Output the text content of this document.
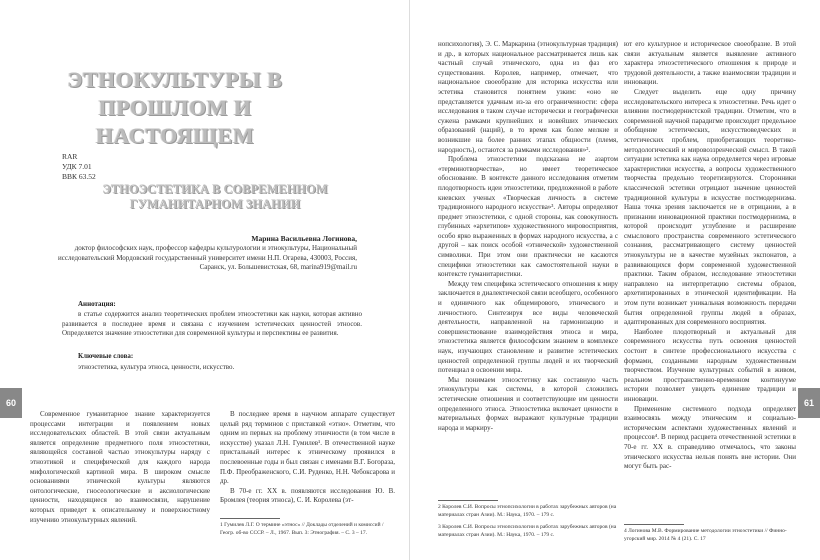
ЭТНОКУЛЬТУРЫ В ПРОШЛОМ И НАСТОЯЩЕМ
RAR
УДК 7.01
ВВК 63.52
ЭТНОЭСТЕТИКА В СОВРЕМЕННОМ ГУМАНИТАРНОМ ЗНАНИИ
Марина Васильевна Логинова,
доктор философских наук, профессор кафедры культурологии и этнокультуры, Национальный исследовательский Мордовский государственный университет имени Н.П. Огарева, 430003, Россия, Саранск, ул. Большевистская, 68, marina919@mail.ru
Аннотация:
в статье содержится анализ теоретических проблем этноэстетики как науки, которая активно развивается в последнее время и связана с изучением эстетических ценностей этносов. Определяется значение этноэстетики для современной культуры и перспективы ее развития.
Ключевые слова:
этноэстетика, культура этноса, ценности, искусство.

Современное гуманитарное знание характеризуется процессами интеграции и появлением новых исследовательских областей. В этой связи актуальным является определение предметного поля этноэстетики, являющейся составной частью этнокультуры наряду с этноэтикой и специфической для каждого народа мифологической картиной мира. В широком смысле основаниями этнической культуры являются онтологические, гносеологические и аксиологические ценности, находящиеся во взаимосвязи, нарушение которых приведет к описательному и поверхностному изучению этнокультурных явлений.

В последнее время в научном аппарате существует целый ряд терминов с приставкой «этно». Отметим, что одним из первых на проблему этничности (в том числе в искусстве) указал Л.Н. Гумилев¹. В отечественной науке пристальный интерес к этническому проявился в послевоенные годы и был связан с именами В.Г. Богораза, П.Ф. Преображенского, С.И. Руденко, Н.Н. Чебоксарова и др.

В 70-е гг. XX в. появляются исследования Ю. В. Бромлея (теория этноса), С. И. Королева (эт-

1 Гумилев Л.Г. О термине «этнос» // Доклады отделений и комиссий / Геогр. об-во СССР. – Л., 1967. Вып. 3: Этнография. – С. 3 – 17.
60

нопсихология), Э. С. Маркарина (этнокультурная традиция) и др., в которых национальное рассматривается лишь как частный случай этнического, одна из фаз его существования. Королев, например, отмечает, что национальное своеобразие для историка искусства или эстетика становится понятием узким: «оно не представляется удачным из-за его ограниченности: сфера исследования в таком случае исторически и географически сужена рамками крупнейших и новейших этнических образований (наций), в то время как более мелкие и возникшие на более ранних этапах общности (племя, народность), остаются за рамками исследования»².

Проблема этноэстетики подсказана не азартом «терминотворчества», но имеет теоретическое обоснование. В контексте данного исследования отметим плодотворность идеи этноэстетики, предложенной в работе киевских ученых «Творческая личность в системе традиционного народного искусства»³. Авторы определяют предмет этноэстетики, с одной стороны, как совокупность глубинных «архетипов» художественного мировосприятия, особо ярко выраженных в формах народного искусства, а с другой – как поиск особой «этнической» художественной символики. При этом они практически не касаются специфики этноэстетики как самостоятельной науки в контексте гуманитаристики.

Между тем специфика эстетического отношения к миру заключается в диалектической связи всеобщего, особенного и единичного как общемирового, этнического и личностного. Синтезируя все виды человеческой деятельности, направленной на гармонизацию и совершенствование взаимодействия этноса и мира, этноэстетика является философским знанием в комплексе наук, изучающих становление и развитие эстетических ценностей определенной группы людей и их творческий потенциал в освоении мира.

Мы понимаем этноэстетику как составную часть этнокультуры как системы, в которой сложились эстетические отношения и соответствующие им ценности определенного этноса. Этноэстетика включает ценности в материальных формах выражают культурные традиции народа и маркиру-

2 Королев С.И. Вопросы этнопсихологии в работах зарубежных авторов (на материалах стран Азии). М.: Наука, 1970. – 179 с.
3 Королев С.И. Вопросы этнопсихологии в работах зарубежных авторов (на материалах стран Азии). М.: Наука, 1970. – 179 с.

ют его культурное и историческое своеобразие. В этой связи актуальным является выявление активного характера этноэстетического отношения к природе и трудовой деятельности, а также взаимосвязи традиции и инновации.

Следует выделить еще одну причину исследовательского интереса к этноэстетике. Речь идет о влиянии постмодернистской традиции. Отметим, что в современной научной парадигме происходит предельное обобщение эстетических, искусствоведческих и эстетических проблем, приобретающих теоретико-методологический и мировоззренческий смысл. В такой ситуации эстетика как наука определяется через игровые характеристики искусства, а вопросы художественного творчества предельно теоретизируются. Сторонники классической эстетики отрицают значение ценностей традиционной культуры в искусстве постмодернизма. Наша точка зрения заключается не в отрицании, а в признании инновационной практики постмодернизма, в которой происходит углубление и расширение смыслового пространства современного эстетического сознания, рассматривающего систему ценностей этнокультуры не в качестве музейных экспонатов, а развивающихся форм современной художественной практики. Таким образом, исследование этноэстетики направлено на интерпретацию системы образов, архетипированных в этнической идентификации. На этом пути возникает уникальная возможность передачи бытия определенной группы людей в образах, адаптированных для современного восприятия.

Наиболее плодотворный и актуальный для современного искусства путь освоения ценностей состоит в синтезе профессионального искусства с формами, созданными народным художественным творчеством. Изучение культурных событий в живом, реальном пространственно-временном континууме истории позволяет увидеть единение традиции и инновации.

Применение системного подхода определяет взаимосвязь между этническим и социально-историческим аспектами художественных явлений и процессов⁴. В период расцвета отечественной эстетики в 70-е гг. XX в. справедливо отмечалось, что законы этнического искусства нельзя понять вне истории. Они могут быть рас-

4 Логинова М.В. Формирование методологии этноэстетики // Финно-угорский мир. 2014 № 4 (21). С. 17
61
